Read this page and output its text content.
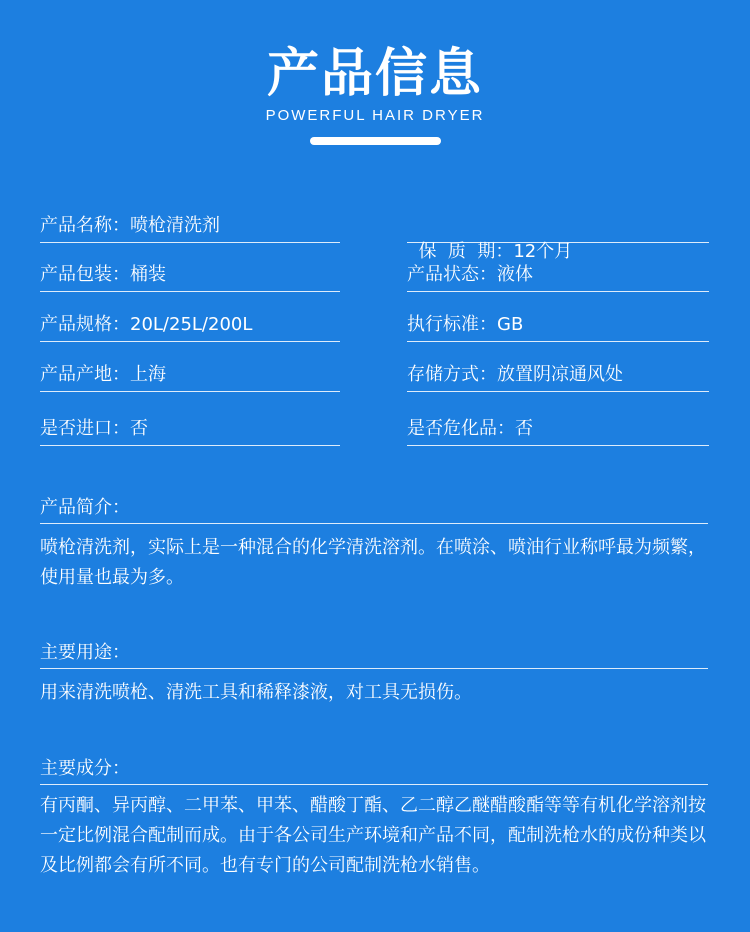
产品信息
POWERFUL HAIR DRYER
产品名称：喷枪清洗剂
产品包装：桶装
产品规格：20L/25L/200L
产品产地：上海
是否进口：否

保  质  期：12个月

产品状态：液体
执行标准：GB
存储方式：放置阴凉通风处
是否危化品：否
产品简介：
喷枪清洗剂，实际上是一种混合的化学清洗溶剂。在喷涂、喷油行业称呼最为频繁，使用量也最为多。
主要用途：
用来清洗喷枪、清洗工具和稀释漆液，对工具无损伤。
主要成分：
有丙酮、异丙醇、二甲苯、甲苯、醋酸丁酯、乙二醇乙醚醋酸酯等等有机化学溶剂按一定比例混合配制而成。由于各公司生产环境和产品不同，配制洗枪水的成份种类以及比例都会有所不同。也有专门的公司配制洗枪水销售。
